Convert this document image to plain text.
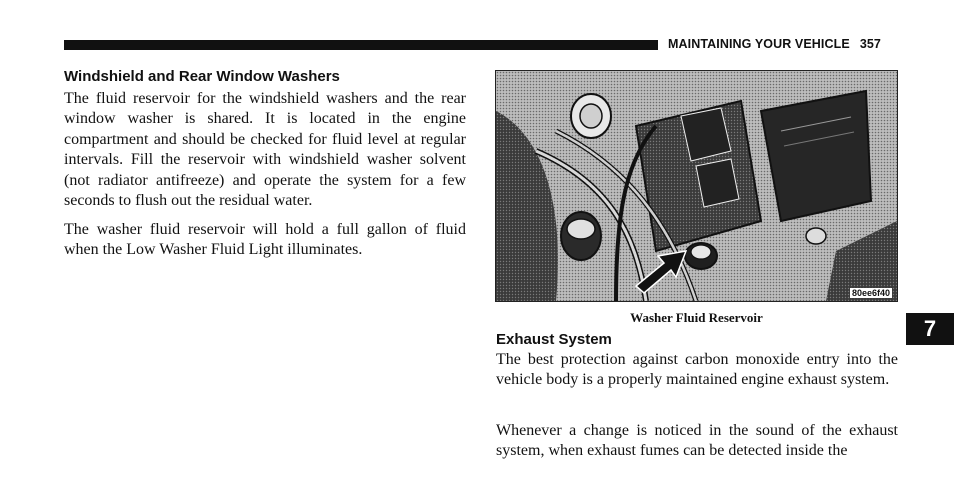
MAINTAINING YOUR VEHICLE 357
Windshield and Rear Window Washers

The fluid reservoir for the windshield washers and the rear window washer is shared. It is located in the engine compartment and should be checked for fluid level at regular intervals. Fill the reservoir with windshield washer solvent (not radiator antifreeze) and operate the system for a few seconds to flush out the residual water.

The washer fluid reservoir will hold a full gallon of fluid when the Low Washer Fluid Light illuminates.

80ee6f40
Washer Fluid Reservoir
Exhaust System

The best protection against carbon monoxide entry into the vehicle body is a properly maintained engine exhaust system.

Whenever a change is noticed in the sound of the exhaust system, when exhaust fumes can be detected inside the

7
